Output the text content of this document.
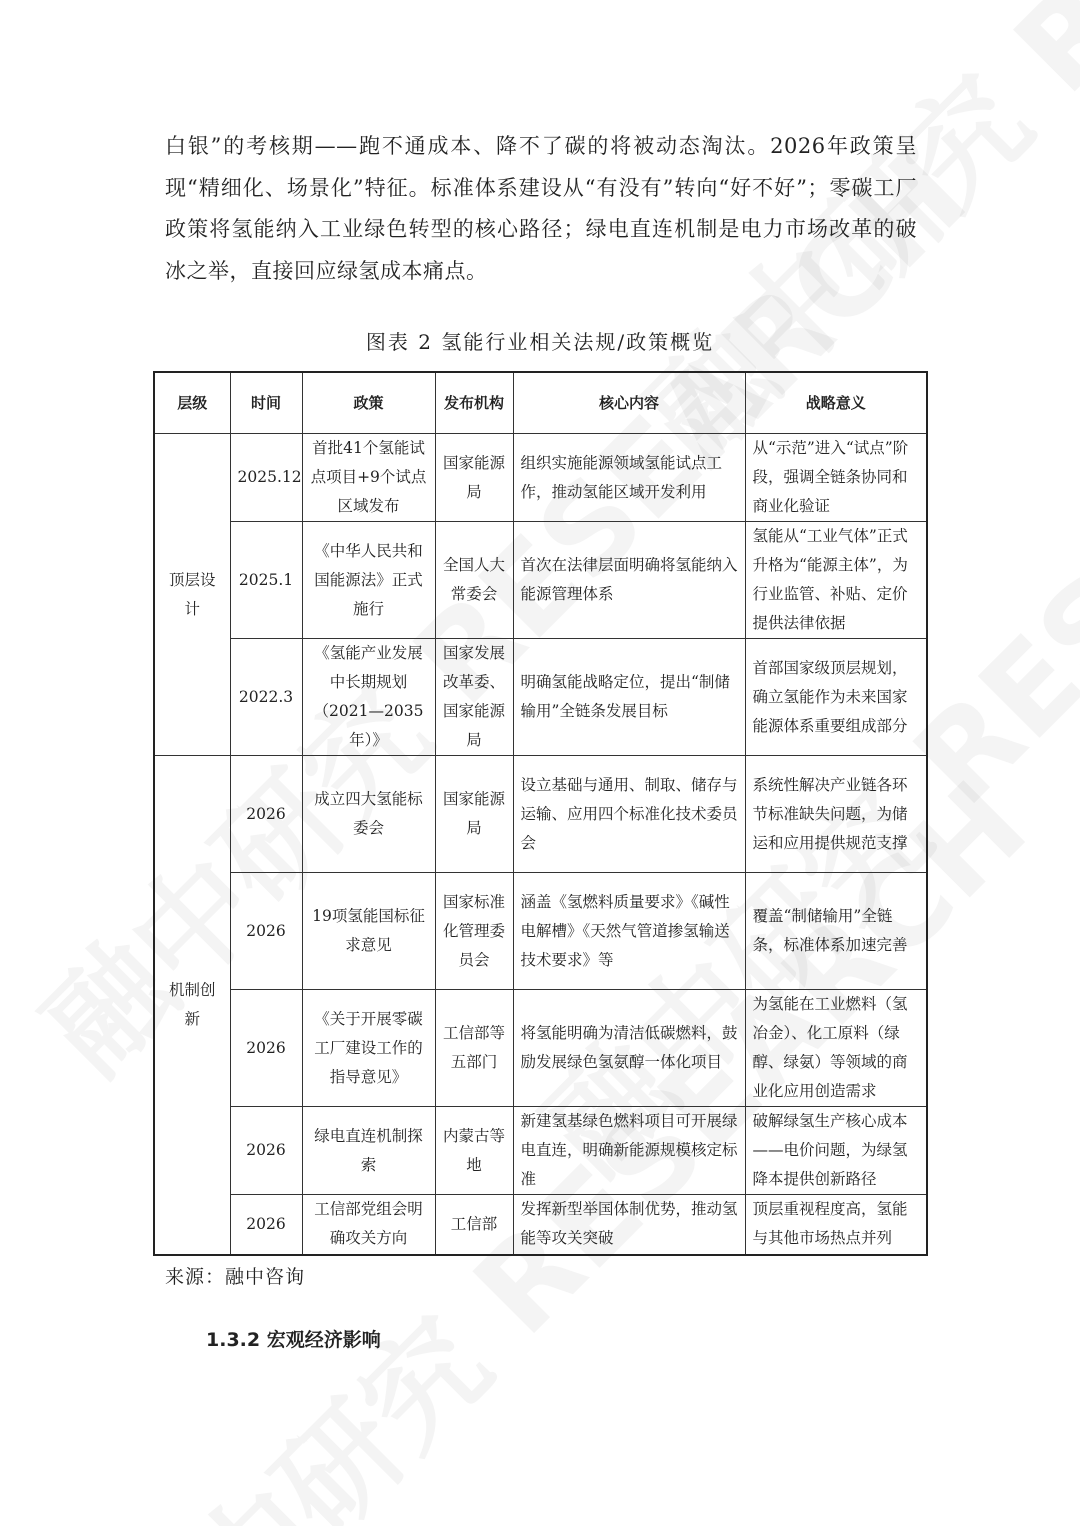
白银”的考核期——跑不通成本、降不了碳的将被动态淘汰。2026年政策呈现“精细化、场景化”特征。标准体系建设从“有没有”转向“好不好”；零碳工厂政策将氢能纳入工业绿色转型的核心路径；绿电直连机制是电力市场改革的破冰之举，直接回应绿氢成本痛点。
图表 2 氢能行业相关法规/政策概览
层级	时间	政策	发布机构	核心内容	战略意义
顶层设计	2025.12	首批41个氢能试点项目+9个试点区域发布	国家能源局	组织实施能源领域氢能试点工作，推动氢能区域开发利用	从“示范”进入“试点”阶段，强调全链条协同和商业化验证
	2025.1	《中华人民共和国能源法》正式施行	全国人大常委会	首次在法律层面明确将氢能纳入能源管理体系	氢能从“工业气体”正式升格为“能源主体”，为行业监管、补贴、定价提供法律依据
	2022.3	《氢能产业发展中长期规划（2021—2035年）》	国家发展改革委、国家能源局	明确氢能战略定位，提出“制储输用”全链条发展目标	首部国家级顶层规划，确立氢能作为未来国家能源体系重要组成部分
机制创新	2026	成立四大氢能标委会	国家能源局	设立基础与通用、制取、储存与运输、应用四个标准化技术委员会	系统性解决产业链各环节标准缺失问题，为储运和应用提供规范支撑
	2026	19项氢能国标征求意见	国家标准化管理委员会	涵盖《氢燃料质量要求》《碱性电解槽》《天然气管道掺氢输送技术要求》等	覆盖“制储输用”全链条，标准体系加速完善
	2026	《关于开展零碳工厂建设工作的指导意见》	工信部等五部门	将氢能明确为清洁低碳燃料，鼓励发展绿色氢氨醇一体化项目	为氢能在工业燃料（氢冶金）、化工原料（绿醇、绿氨）等领域的商业化应用创造需求
	2026	绿电直连机制探索	内蒙古等地	新建氢基绿色燃料项目可开展绿电直连，明确新能源规模核定标准	破解绿氢生产核心成本——电价问题，为绿氢降本提供创新路径
	2026	工信部党组会明确攻关方向	工信部	发挥新型举国体制优势，推动氢能等攻关突破	顶层重视程度高，氢能与其他市场热点并列
来源：融中咨询
1.3.2 宏观经济影响
